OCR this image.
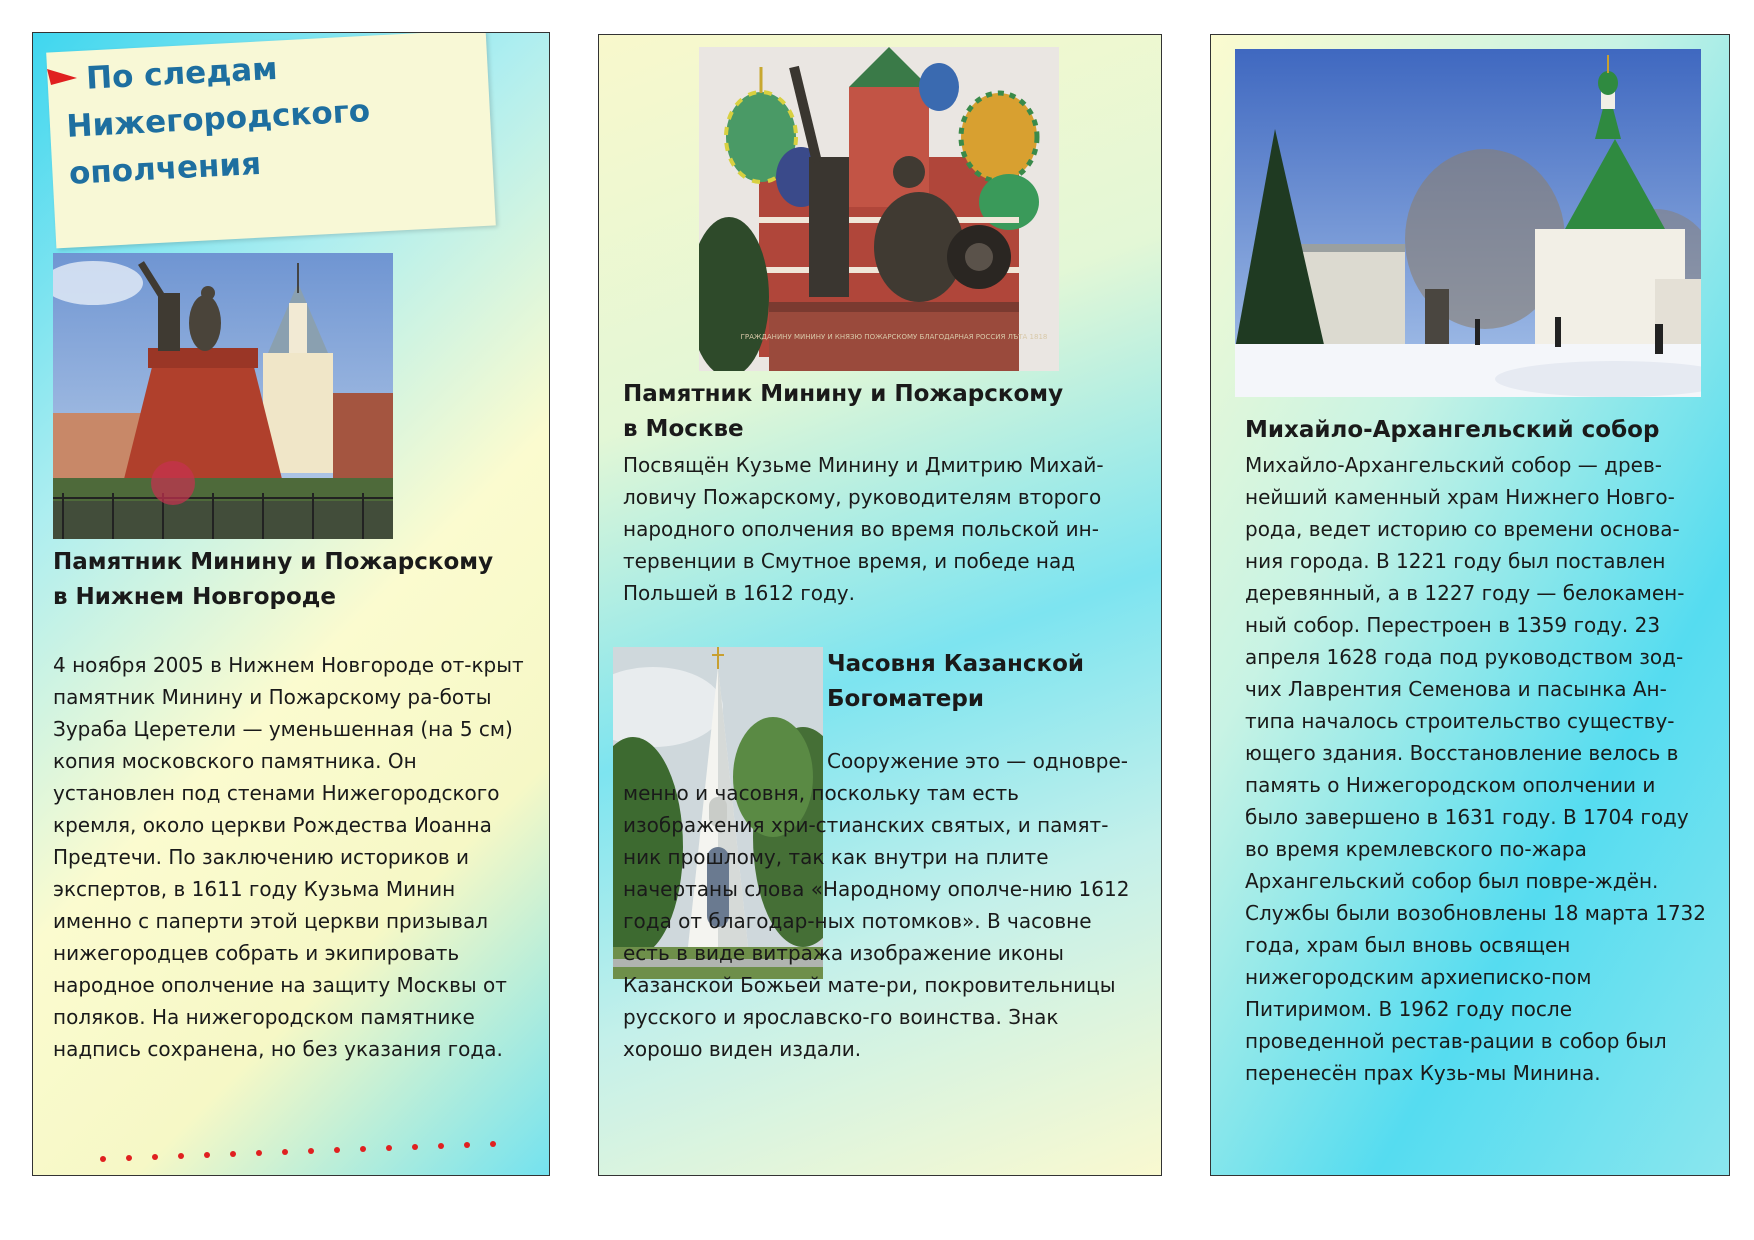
По следам
Нижегородского
ополчения
Памятник Минину и Пожарскому в Нижнем Новгороде
4 ноября 2005 в Нижнем Новгороде от-крыт памятник Минину и Пожарскому ра-боты Зураба Церетели — уменьшенная (на 5 см) копия московского памятника. Он установлен под стенами Нижегородского кремля, около церкви Рождества Иоанна Предтечи. По заключению историков и экспертов, в 1611 году Кузьма Минин именно с паперти этой церкви призывал нижегородцев собрать и экипировать народное ополчение на защиту Москвы от поляков. На нижегородском памятнике надпись сохранена, но без указания года.
ГРАЖДАНИНУ МИНИНУ И КНЯЗЮ ПОЖАРСКОМУ БЛАГОДАРНАЯ РОССИЯ ЛѢТА 1818
Памятник Минину и Пожарскому в Москве
Посвящён Кузьме Минину и Дмитрию Михай-ловичу Пожарскому, руководителям второго народного ополчения во время польской ин-тервенции в Смутное время, и победе над Польшей в 1612 году.
Часовня Казанской Богоматери
Сооружение это — одновре-менно и часовня, поскольку там есть изображения хри-стианских святых, и памят-ник прошлому, так как внутри на плите начертаны слова «Народному ополче-нию 1612 года от благодар-ных потомков». В часовне есть в виде витража изображение иконы Казанской Божьей мате-ри, покровительницы русского и ярославско-го воинства. Знак хорошо виден издали.
Михайло-Архангельский собор
Михайло-Архангельский собор — древ-нейший каменный храм Нижнего Новго-рода, ведет историю со времени основа-ния города. В 1221 году был поставлен деревянный, а в 1227 году — белокамен-ный собор. Перестроен в 1359 году. 23 апреля 1628 года под руководством зод-чих Лаврентия Семенова и пасынка Ан-типа началось строительство существу-ющего здания. Восстановление велось в память о Нижегородском ополчении и было завершено в 1631 году. В 1704 году во время кремлевского по-жара Архангельский собор был повре-ждён. Службы были возобновлены 18 марта 1732 года, храм был вновь освящен нижегородским архиеписко-пом Питиримом. В 1962 году после проведенной рестав-рации в собор был перенесён прах Кузь-мы Минина.
